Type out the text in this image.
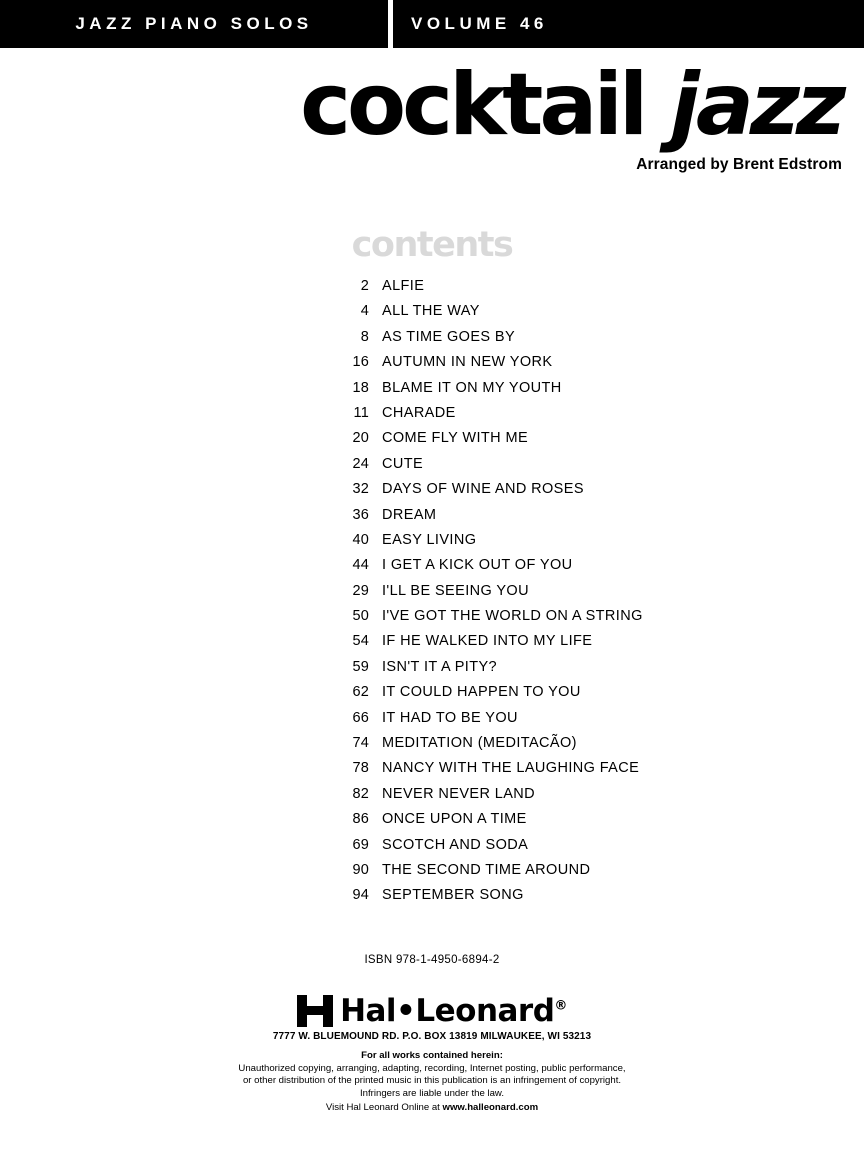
JAZZ PIANO SOLOS	VOLUME 46
cocktail jazz
Arranged by Brent Edstrom
contents
2 ALFIE
4 ALL THE WAY
8 AS TIME GOES BY
16 AUTUMN IN NEW YORK
18 BLAME IT ON MY YOUTH
11 CHARADE
20 COME FLY WITH ME
24 CUTE
32 DAYS OF WINE AND ROSES
36 DREAM
40 EASY LIVING
44 I GET A KICK OUT OF YOU
29 I'LL BE SEEING YOU
50 I'VE GOT THE WORLD ON A STRING
54 IF HE WALKED INTO MY LIFE
59 ISN'T IT A PITY?
62 IT COULD HAPPEN TO YOU
66 IT HAD TO BE YOU
74 MEDITATION (MEDITACÃO)
78 NANCY WITH THE LAUGHING FACE
82 NEVER NEVER LAND
86 ONCE UPON A TIME
69 SCOTCH AND SODA
90 THE SECOND TIME AROUND
94 SEPTEMBER SONG
ISBN 978-1-4950-6894-2
Hal•Leonard®
7777 W. BLUEMOUND RD. P.O. BOX 13819 MILWAUKEE, WI 53213
For all works contained herein:
Unauthorized copying, arranging, adapting, recording, Internet posting, public performance,
or other distribution of the printed music in this publication is an infringement of copyright.
Infringers are liable under the law.
Visit Hal Leonard Online at www.halleonard.com
